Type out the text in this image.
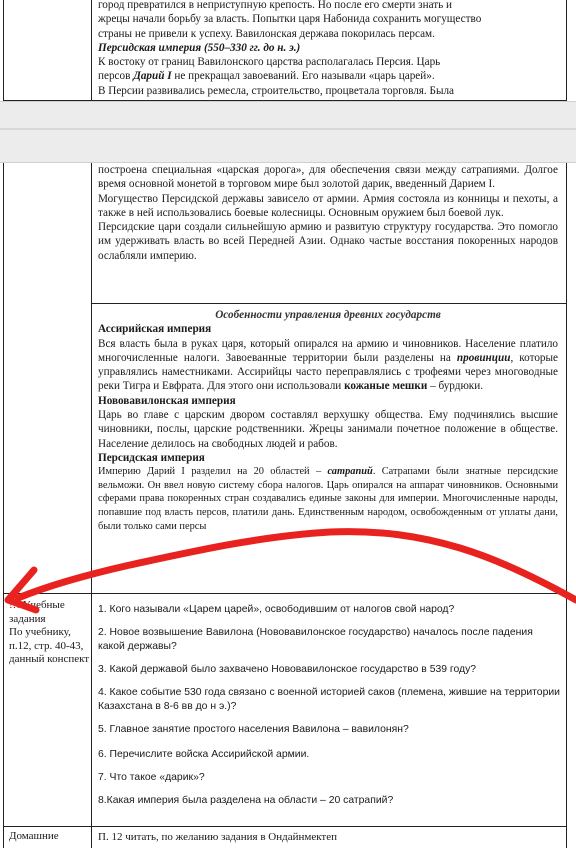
город превратился в неприступную крепость. Но после его смерти знать и

жрецы начали борьбу за власть. Попытки царя Набонида сохранить могущество

страны не привели к успеху. Вавилонская держава покорилась персам.

Персидская империя (550–330 гг. до н. э.)

К востоку от границ Вавилонского царства располагалась Персия. Царь

персов Дарий I не прекращал завоеваний. Его называли «царь царей».

В Персии развивались ремесла, строительство, процветала торговля. Была

построена специальная «царская дорога», для обеспечения связи между сатрапиями. Долгое время основной монетой в торговом мире был золотой дарик, введенный Дарием I.

Могущество Персидской державы зависело от армии. Армия состояла из конницы и пехоты, а также в ней использовались боевые колесницы. Основным оружием был боевой лук.

Персидские цари создали сильнейшую армию и развитую структуру государства. Это помогло им удерживать власть во всей Передней Азии. Однако частые восстания покоренных народов ослабляли империю.

Особенности управления древних государств

Ассирийская империя

Вся власть была в руках царя, который опирался на армию и чиновников. Население платило многочисленные налоги. Завоеванные территории были разделены на провинции, которые управлялись наместниками. Ассирийцы часто переправлялись с трофеями через многоводные реки Тигра и Евфрата. Для этого они использовали кожаные мешки – бурдюки.

Нововавилонская империя

Царь во главе с царским двором составлял верхушку общества. Ему подчинялись высшие чиновники, послы, царские родственники. Жрецы занимали почетное положение в обществе. Население делилось на свободных людей и рабов.

Персидская империя

Империю Дарий I разделил на 20 областей – сатрапий. Сатрапами были знатные персидские вельможи. Он ввел новую систему сбора налогов. Царь опирался на аппарат чиновников. Основными сферами права покоренных стран создавались единые законы для империи. Многочисленные народы, попавшие под власть персов, платили дань. Единственным народом, освобожденным от уплаты дани, были только сами персы

!!! Учебные задания
По учебнику, п.12, стр. 40-43, данный конспект
1. Кого называли «Царем царей», освободившим от налогов свой народ?
2. Новое возвышение Вавилона (Нововавилонское государство) началось после падения какой державы?
3. Какой державой было захвачено Нововавилонское государство в 539 году?
4. Какое событие 530 года связано с военной историей саков (племена, жившие на территории Казахстана в 8-6 вв до н э.)?
5. Главное занятие простого населения Вавилона – вавилонян?
6. Перечислите войска Ассирийской армии.
7. Что такое «дарик»?
8.Какая империя была разделена на области – 20 сатрапий?
Домашние	П. 12 читать, по желанию задания в Ондайнмектеп
